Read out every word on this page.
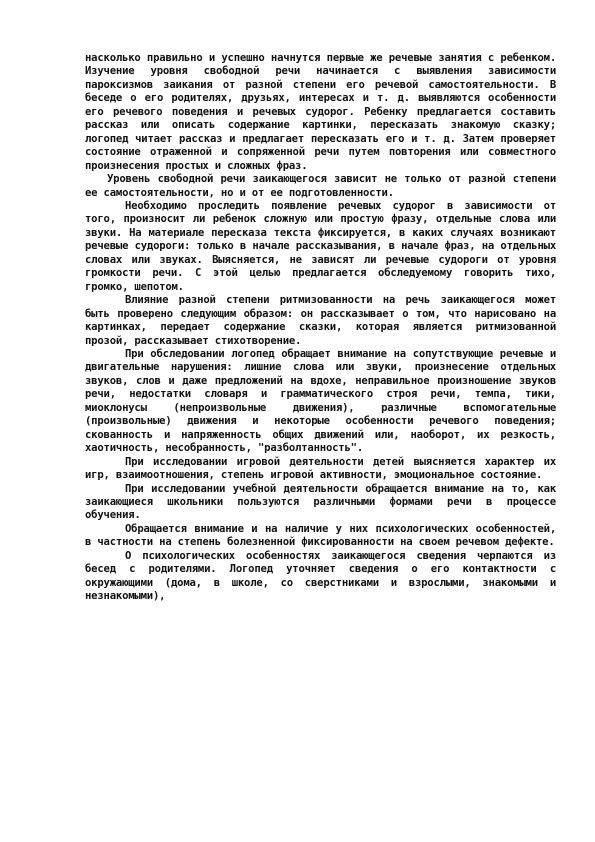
насколько правильно и успешно начнутся первые же речевые занятия с ребенком. Изучение уровня свободной речи начинается с выявления зависимости пароксизмов заикания от разной степени его речевой самостоятельности. В беседе о его родителях, друзьях, интересах и т. д. выявляются особенности его речевого поведения и речевых судорог. Ребенку предлагается составить рассказ или описать содержание картинки, пересказать знакомую сказку; логопед читает рассказ и предлагает пересказать его и т. д. Затем проверяет состояние отраженной и сопряженной речи путем повторения или совместного произнесения простых и сложных фраз.

Уровень свободной речи заикающегося зависит не только от разной степени ее самостоятельности, но и от ее подготовленности.

Необходимо проследить появление речевых судорог в зависимости от того, произносит ли ребенок сложную или простую фразу, отдельные слова или звуки. На материале пересказа текста фиксируется, в каких случаях возникают речевые судороги: только в начале рассказывания, в начале фраз, на отдельных словах или звуках. Выясняется, не зависят ли речевые судороги от уровня громкости речи. С этой целью предлагается обследуемому говорить тихо, громко, шепотом.

Влияние разной степени ритмизованности на речь заикающегося может быть проверено следующим образом: он рассказывает о том, что нарисовано на картинках, передает содержание сказки, которая является ритмизованной прозой, рассказывает стихотворение.

При обследовании логопед обращает внимание на сопутствующие речевые и двигательные нарушения: лишние слова или звуки, произнесение отдельных звуков, слов и даже предложений на вдохе, неправильное произношение звуков речи, недостатки словаря и грамматического строя речи, темпа, тики, миоклонусы (непроизвольные движения), различные вспомогательные (произвольные) движения и некоторые особенности речевого поведения; скованность и напряженность общих движений или, наоборот, их резкость, хаотичность, несобранность, "разболтанность".

При исследовании игровой деятельности детей выясняется характер их игр, взаимоотношения, степень игровой активности, эмоциональное состояние.

При исследовании учебной деятельности обращается внимание на то, как заикающиеся школьники пользуются различными формами речи в процессе обучения.

Обращается внимание и на наличие у них психологических особенностей, в частности на степень болезненной фиксированности на своем речевом дефекте.

О психологических особенностях заикающегося сведения черпаются из бесед с родителями. Логопед уточняет сведения о его контактности с окружающими (дома, в школе, со сверстниками и взрослыми, знакомыми и незнакомыми),
